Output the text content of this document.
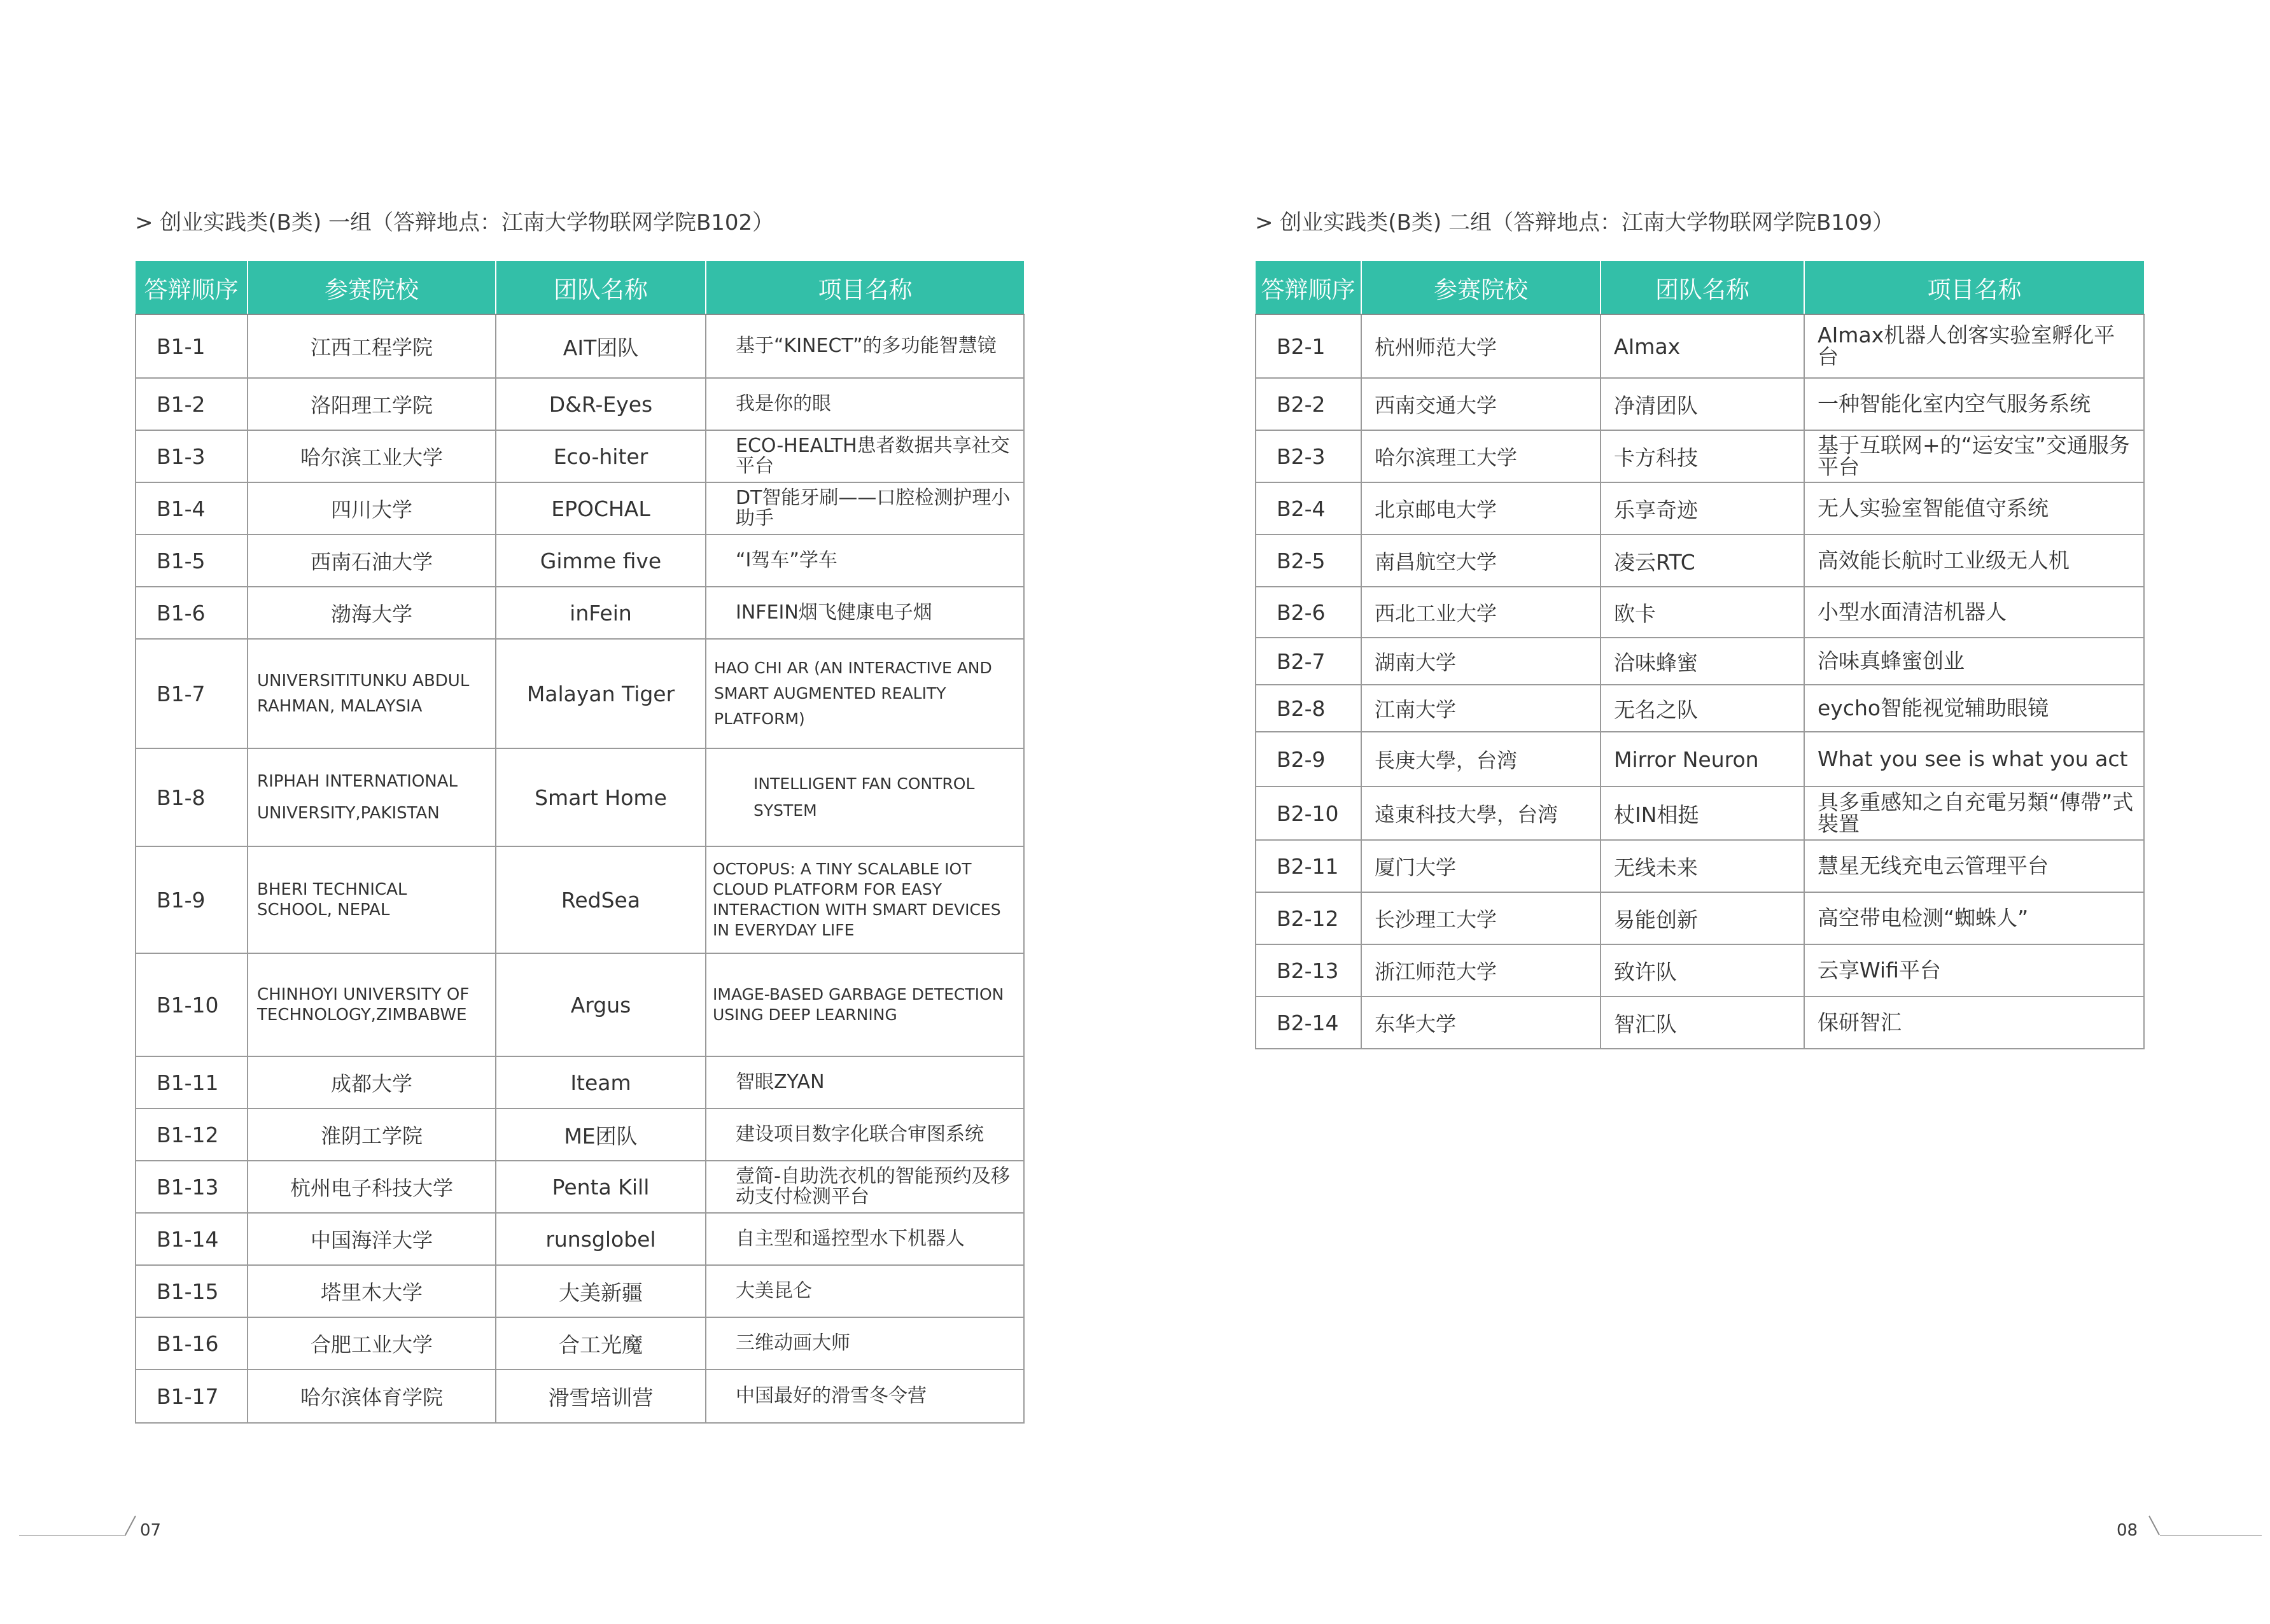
> 创业实践类(B类) 一组（答辩地点：江南大学物联网学院B102）
答辩顺序	参赛院校	团队名称	项目名称
B1-1	江西工程学院	AIT团队	基于“KINECT”的多功能智慧镜
B1-2	洛阳理工学院	D&R-Eyes	我是你的眼
B1-3	哈尔滨工业大学	Eco-hiter	ECO-HEALTH患者数据共享社交平台
B1-4	四川大学	EPOCHAL	DT智能牙刷——口腔检测护理小助手
B1-5	西南石油大学	Gimme five	“I驾车”学车
B1-6	渤海大学	inFein	INFEIN烟飞健康电子烟
B1-7	UNIVERSITITUNKU ABDUL RAHMAN, MALAYSIA	Malayan Tiger	HAO CHI AR (AN INTERACTIVE AND SMART AUGMENTED REALITY PLATFORM)
B1-8	RIPHAH INTERNATIONAL UNIVERSITY,PAKISTAN	Smart Home	INTELLIGENT FAN CONTROL SYSTEM
B1-9	BHERI TECHNICAL SCHOOL, NEPAL	RedSea	OCTOPUS: A TINY SCALABLE IOT CLOUD PLATFORM FOR EASY INTERACTION WITH SMART DEVICES IN EVERYDAY LIFE
B1-10	CHINHOYI UNIVERSITY OF TECHNOLOGY,ZIMBABWE	Argus	IMAGE-BASED GARBAGE DETECTION USING DEEP LEARNING
B1-11	成都大学	Iteam	智眼ZYAN
B1-12	淮阴工学院	ME团队	建设项目数字化联合审图系统
B1-13	杭州电子科技大学	Penta Kill	壹简-自助洗衣机的智能预约及移动支付检测平台
B1-14	中国海洋大学	runsglobel	自主型和遥控型水下机器人
B1-15	塔里木大学	大美新疆	大美昆仑
B1-16	合肥工业大学	合工光魔	三维动画大师
B1-17	哈尔滨体育学院	滑雪培训营	中国最好的滑雪冬令营
> 创业实践类(B类) 二组（答辩地点：江南大学物联网学院B109）
答辩顺序	参赛院校	团队名称	项目名称
B2-1	杭州师范大学	AImax	AImax机器人创客实验室孵化平台
B2-2	西南交通大学	净清团队	一种智能化室内空气服务系统
B2-3	哈尔滨理工大学	卡方科技	基于互联网+的“运安宝”交通服务平台
B2-4	北京邮电大学	乐享奇迹	无人实验室智能值守系统
B2-5	南昌航空大学	凌云RTC	高效能长航时工业级无人机
B2-6	西北工业大学	欧卡	小型水面清洁机器人
B2-7	湖南大学	洽味蜂蜜	洽味真蜂蜜创业
B2-8	江南大学	无名之队	eycho智能视觉辅助眼镜
B2-9	長庚大學，台湾	Mirror Neuron	What you see is what you act
B2-10	遠東科技大學，台湾	杖IN相挺	具多重感知之自充電另類“傳帶”式裝置
B2-11	厦门大学	无线未来	慧星无线充电云管理平台
B2-12	长沙理工大学	易能创新	高空带电检测“蜘蛛人”
B2-13	浙江师范大学	致许队	云享Wifi平台
B2-14	东华大学	智汇队	保研智汇
07	08
